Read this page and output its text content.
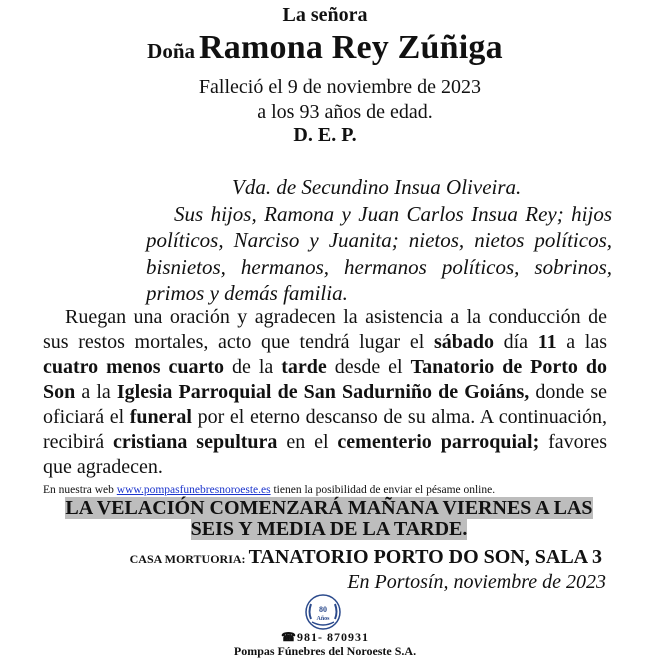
La señora
Doña Ramona Rey Zúñiga
Falleció el 9 de noviembre de 2023
a los 93 años de edad.
D. E. P.

Vda. de Secundino Insua Oliveira.

Sus hijos, Ramona y Juan Carlos Insua Rey; hijos políticos, Narciso y Juanita; nietos, nietos políticos, bisnietos, hermanos, hermanos políticos, sobrinos, primos y demás familia.

Ruegan una oración y agradecen la asistencia a la conducción de sus restos mortales, acto que tendrá lugar el sábado día 11 a las cuatro menos cuarto de la tarde desde el Tanatorio de Porto do Son a la Iglesia Parroquial de San Sadurniño de Goiáns, donde se oficiará el funeral por el eterno descanso de su alma. A continuación, recibirá cristiana sepultura en el cementerio parroquial; favores que agradecen.
En nuestra web www.pompasfunebresnoroeste.es tienen la posibilidad de enviar el pésame online.
LA VELACIÓN COMENZARÁ MAÑANA VIERNES A LAS SEIS Y MEDIA DE LA TARDE.
CASA MORTUORIA: TANATORIO PORTO DO SON, SALA 3
En Portosín, noviembre de 2023
80
Años
☎981- 870931
Pompas Fúnebres del Noroeste S.A.
